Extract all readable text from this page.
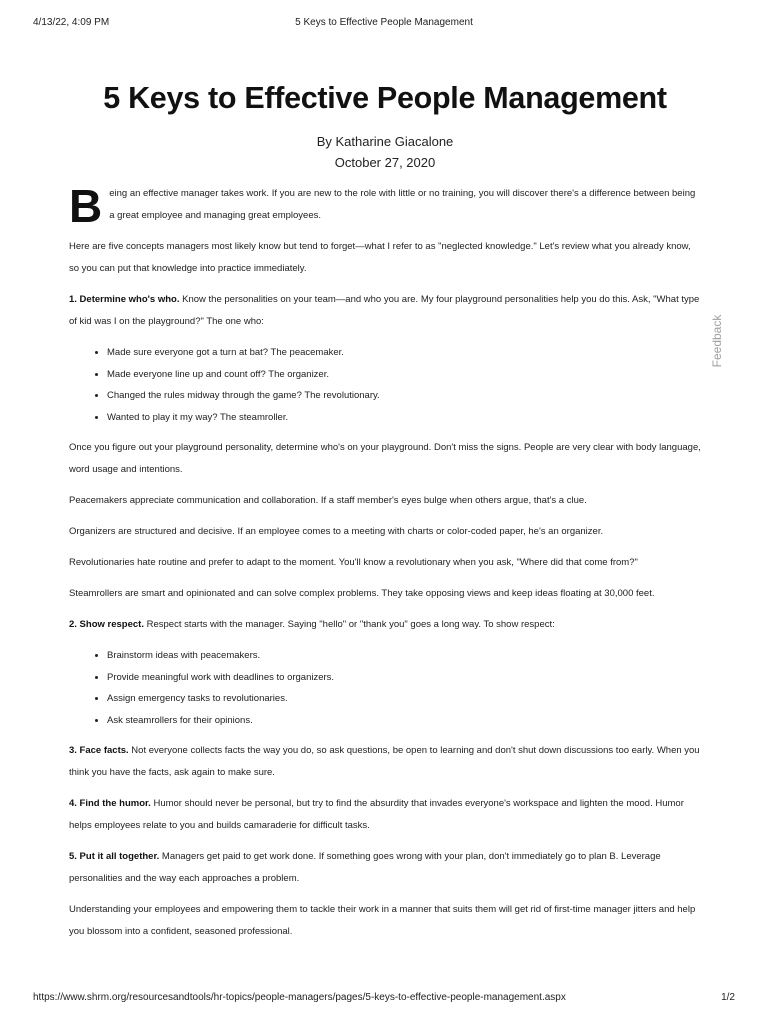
4/13/22, 4:09 PM	5 Keys to Effective People Management
5 Keys to Effective People Management
By Katharine Giacalone
October 27, 2020

B eing an effective manager takes work. If you are new to the role with little or no training, you will discover there's a difference between being a great employee and managing great employees.

Here are five concepts managers most likely know but tend to forget—what I refer to as "neglected knowledge." Let's review what you already know, so you can put that knowledge into practice immediately.

1. Determine who's who. Know the personalities on your team—and who you are. My four playground personalities help you do this. Ask, "What type of kid was I on the playground?" The one who:

• Made sure everyone got a turn at bat? The peacemaker.
• Made everyone line up and count off? The organizer.
• Changed the rules midway through the game? The revolutionary.
• Wanted to play it my way? The steamroller.

Once you figure out your playground personality, determine who's on your playground. Don't miss the signs. People are very clear with body language, word usage and intentions.

Peacemakers appreciate communication and collaboration. If a staff member's eyes bulge when others argue, that's a clue.

Organizers are structured and decisive. If an employee comes to a meeting with charts or color-coded paper, he's an organizer.

Revolutionaries hate routine and prefer to adapt to the moment. You'll know a revolutionary when you ask, "Where did that come from?"

Steamrollers are smart and opinionated and can solve complex problems. They take opposing views and keep ideas floating at 30,000 feet.

2. Show respect. Respect starts with the manager. Saying "hello" or "thank you" goes a long way. To show respect:

• Brainstorm ideas with peacemakers.
• Provide meaningful work with deadlines to organizers.
• Assign emergency tasks to revolutionaries.
• Ask steamrollers for their opinions.

3. Face facts. Not everyone collects facts the way you do, so ask questions, be open to learning and don't shut down discussions too early. When you think you have the facts, ask again to make sure.

4. Find the humor. Humor should never be personal, but try to find the absurdity that invades everyone's workspace and lighten the mood. Humor helps employees relate to you and builds camaraderie for difficult tasks.

5. Put it all together. Managers get paid to get work done. If something goes wrong with your plan, don't immediately go to plan B. Leverage personalities and the way each approaches a problem.

Understanding your employees and empowering them to tackle their work in a manner that suits them will get rid of first-time manager jitters and help you blossom into a confident, seasoned professional.

Feedback
https://www.shrm.org/resourcesandtools/hr-topics/people-managers/pages/5-keys-to-effective-people-management.aspx	1/2
